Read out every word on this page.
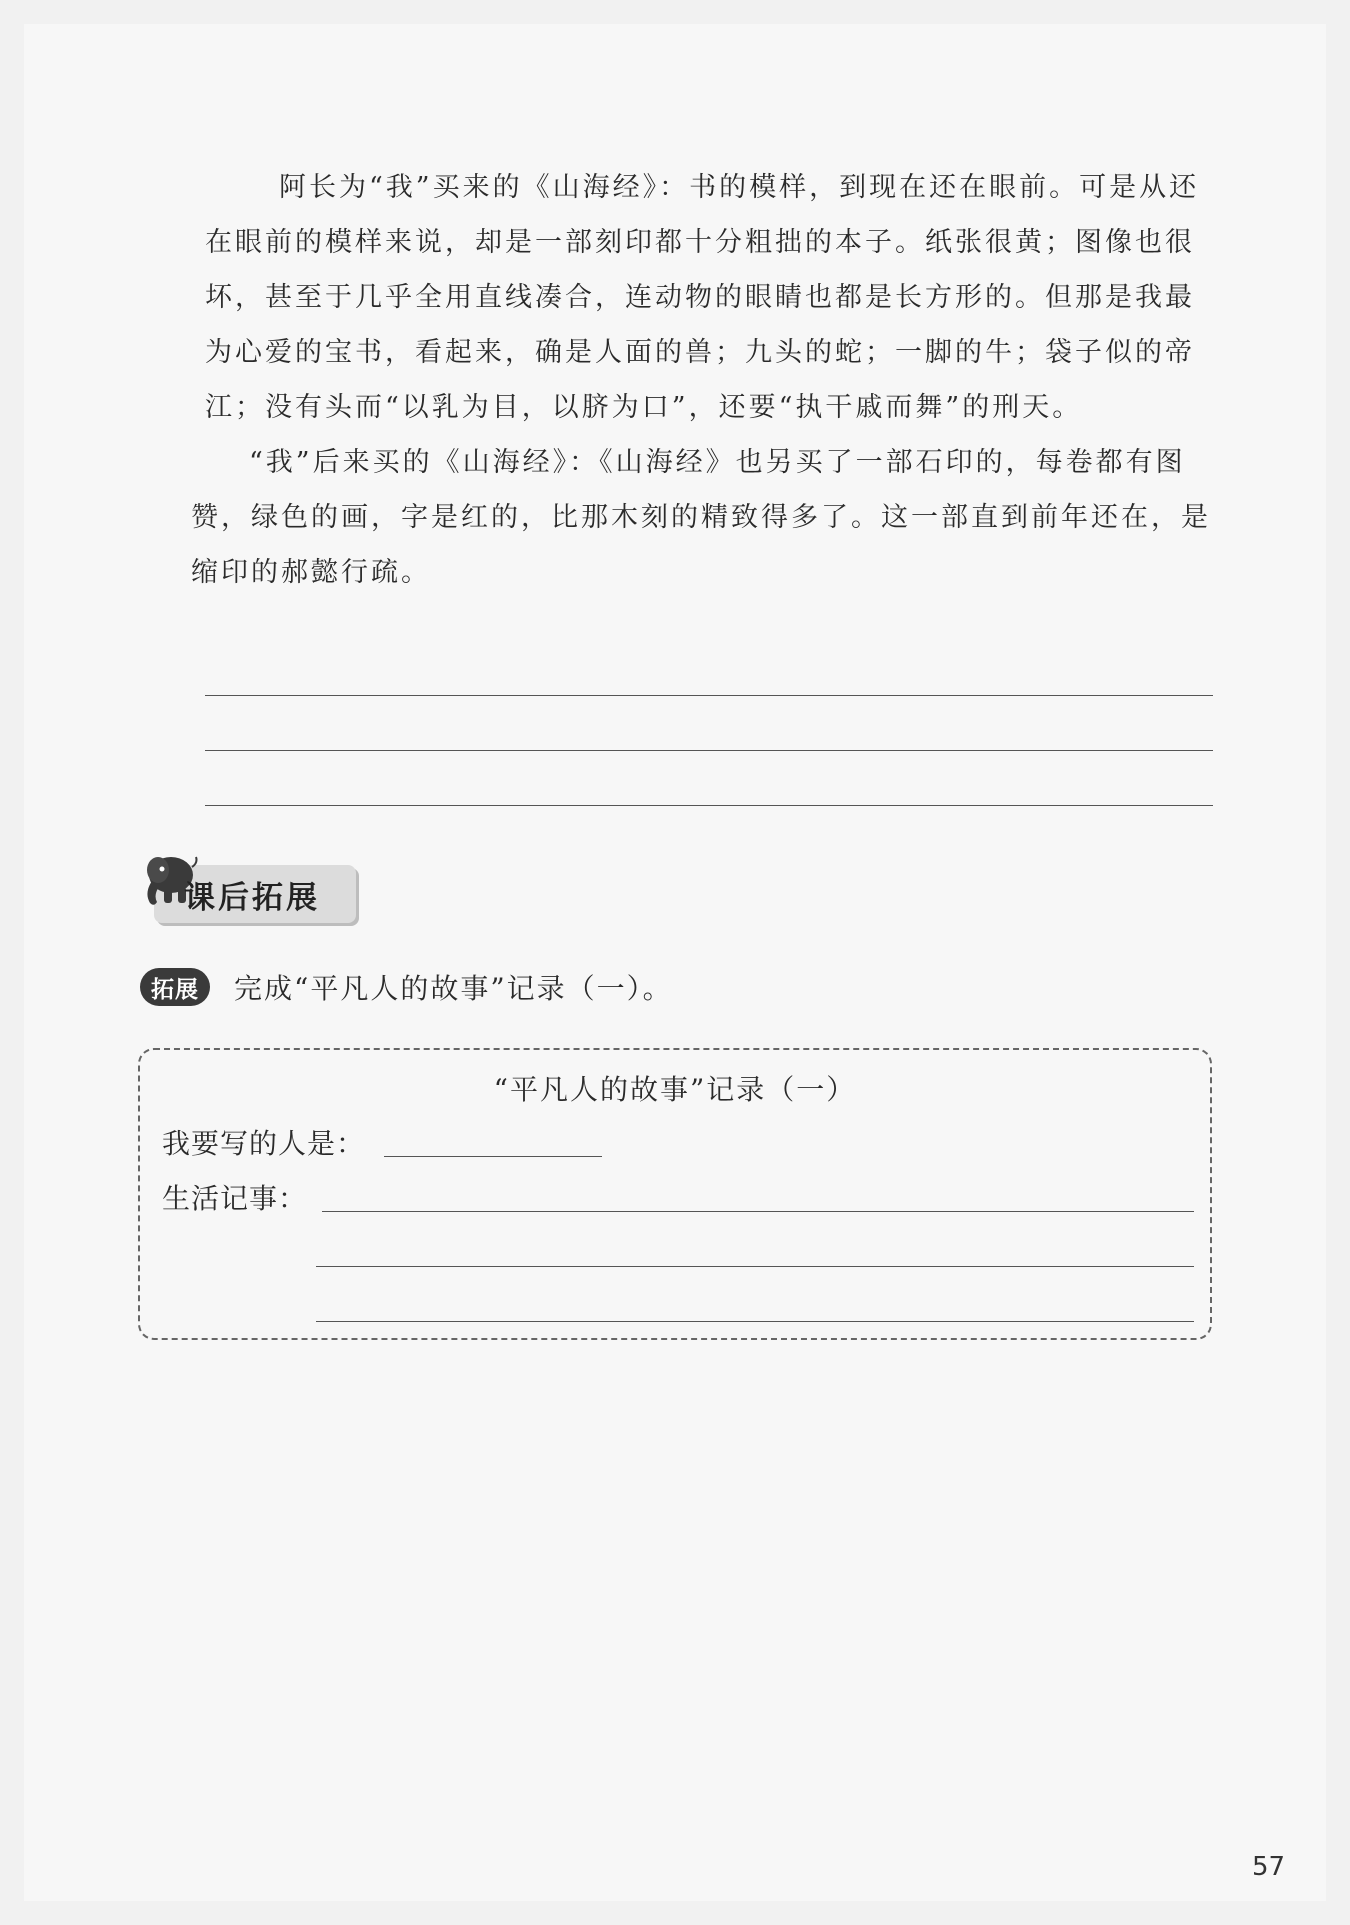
阿长为“我”买来的《山海经》：书的模样，到现在还在眼前。可是从还在眼前的模样来说，却是一部刻印都十分粗拙的本子。纸张很黄；图像也很坏，甚至于几乎全用直线凑合，连动物的眼睛也都是长方形的。但那是我最为心爱的宝书，看起来，确是人面的兽；九头的蛇；一脚的牛；袋子似的帝江；没有头而“以乳为目，以脐为口”，还要“执干戚而舞”的刑天。

“我”后来买的《山海经》：《山海经》也另买了一部石印的，每卷都有图赞，绿色的画，字是红的，比那木刻的精致得多了。这一部直到前年还在，是缩印的郝懿行疏。

课后拓展
拓展	完成“平凡人的故事”记录（一）。
“平凡人的故事”记录（一）
我要写的人是：
生活记事：
57
